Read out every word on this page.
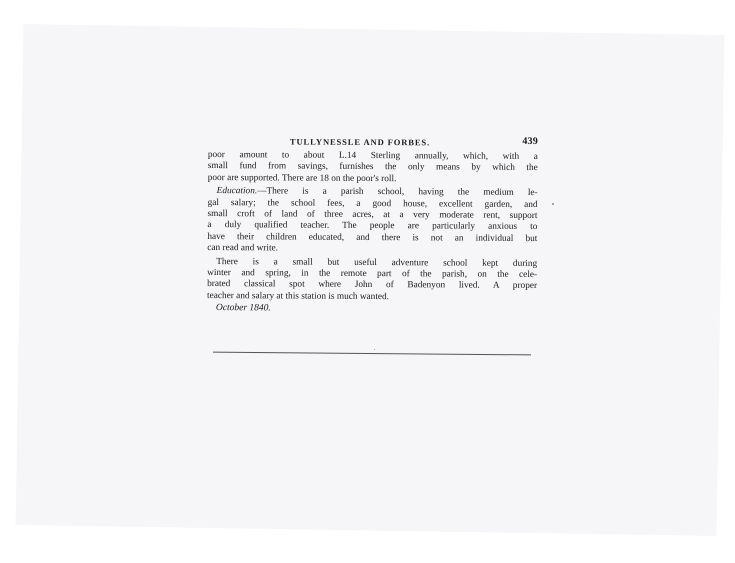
TULLYNESSLE AND FORBES.	439
poor amount to about L.14 Sterling annually, which, with a
small fund from savings, furnishes the only means by which the
poor are supported. There are 18 on the poor's roll.
Education.—There is a parish school, having the medium le-
gal salary; the school fees, a good house, excellent garden, and
small croft of land of three acres, at a very moderate rent, support
a duly qualified teacher. The people are particularly anxious to
have their children educated, and there is not an individual but
can read and write.
There is a small but useful adventure school kept during
winter and spring, in the remote part of the parish, on the cele-
brated classical spot where John of Badenyon lived. A proper
teacher and salary at this station is much wanted.
October 1840.
